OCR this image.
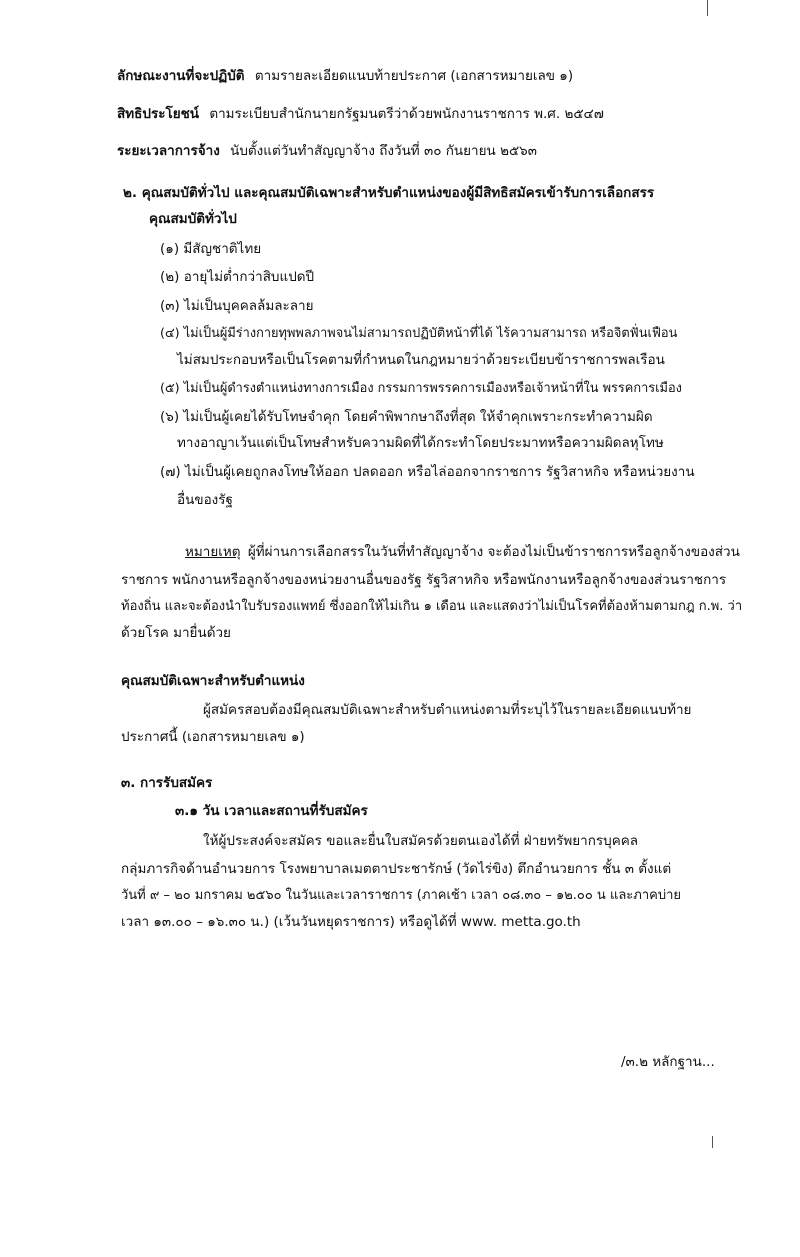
ลักษณะงานที่จะปฏิบัติ ตามรายละเอียดแนบท้ายประกาศ (เอกสารหมายเลข ๑)
สิทธิประโยชน์ ตามระเบียบสำนักนายกรัฐมนตรีว่าด้วยพนักงานราชการ พ.ศ. ๒๕๔๗
ระยะเวลาการจ้าง นับตั้งแต่วันทำสัญญาจ้าง ถึงวันที่ ๓๐ กันยายน ๒๕๖๓
๒. คุณสมบัติทั่วไป และคุณสมบัติเฉพาะสำหรับตำแหน่งของผู้มีสิทธิสมัครเข้ารับการเลือกสรร
คุณสมบัติทั่วไป
(๑) มีสัญชาติไทย
(๒) อายุไม่ต่ำกว่าสิบแปดปี
(๓) ไม่เป็นบุคคลล้มละลาย
(๔) ไม่เป็นผู้มีร่างกายทุพพลภาพจนไม่สามารถปฏิบัติหน้าที่ได้ ไร้ความสามารถ หรือจิตฟั่นเฟือน
ไม่สมประกอบหรือเป็นโรคตามที่กำหนดในกฎหมายว่าด้วยระเบียบข้าราชการพลเรือน
(๕) ไม่เป็นผู้ดำรงตำแหน่งทางการเมือง กรรมการพรรคการเมืองหรือเจ้าหน้าที่ใน พรรคการเมือง
(๖) ไม่เป็นผู้เคยได้รับโทษจำคุก โดยคำพิพากษาถึงที่สุด ให้จำคุกเพราะกระทำความผิด
ทางอาญาเว้นแต่เป็นโทษสำหรับความผิดที่ได้กระทำโดยประมาทหรือความผิดลหุโทษ
(๗) ไม่เป็นผู้เคยถูกลงโทษให้ออก ปลดออก หรือไล่ออกจากราชการ รัฐวิสาหกิจ หรือหน่วยงาน
อื่นของรัฐ
หมายเหตุ ผู้ที่ผ่านการเลือกสรรในวันที่ทำสัญญาจ้าง จะต้องไม่เป็นข้าราชการหรือลูกจ้างของส่วน
ราชการ พนักงานหรือลูกจ้างของหน่วยงานอื่นของรัฐ รัฐวิสาหกิจ หรือพนักงานหรือลูกจ้างของส่วนราชการ
ท้องถิ่น และจะต้องนำใบรับรองแพทย์ ซึ่งออกให้ไม่เกิน ๑ เดือน และแสดงว่าไม่เป็นโรคที่ต้องห้ามตามกฎ ก.พ. ว่า
ด้วยโรค มายื่นด้วย
คุณสมบัติเฉพาะสำหรับตำแหน่ง
ผู้สมัครสอบต้องมีคุณสมบัติเฉพาะสำหรับตำแหน่งตามที่ระบุไว้ในรายละเอียดแนบท้าย
ประกาศนี้ (เอกสารหมายเลข ๑)
๓. การรับสมัคร
๓.๑ วัน เวลาและสถานที่รับสมัคร
ให้ผู้ประสงค์จะสมัคร ขอและยื่นใบสมัครด้วยตนเองได้ที่ ฝ่ายทรัพยากรบุคคล
กลุ่มภารกิจด้านอำนวยการ โรงพยาบาลเมตตาประชารักษ์ (วัดไร่ขิง) ตึกอำนวยการ ชั้น ๓ ตั้งแต่
วันที่ ๙ – ๒๐ มกราคม ๒๕๖๐ ในวันและเวลาราชการ (ภาคเช้า เวลา ๐๘.๓๐ – ๑๒.๐๐ น และภาคบ่าย
เวลา ๑๓.๐๐ – ๑๖.๓๐ น.) (เว้นวันหยุดราชการ) หรือดูได้ที่ www. metta.go.th
/๓.๒ หลักฐาน...
